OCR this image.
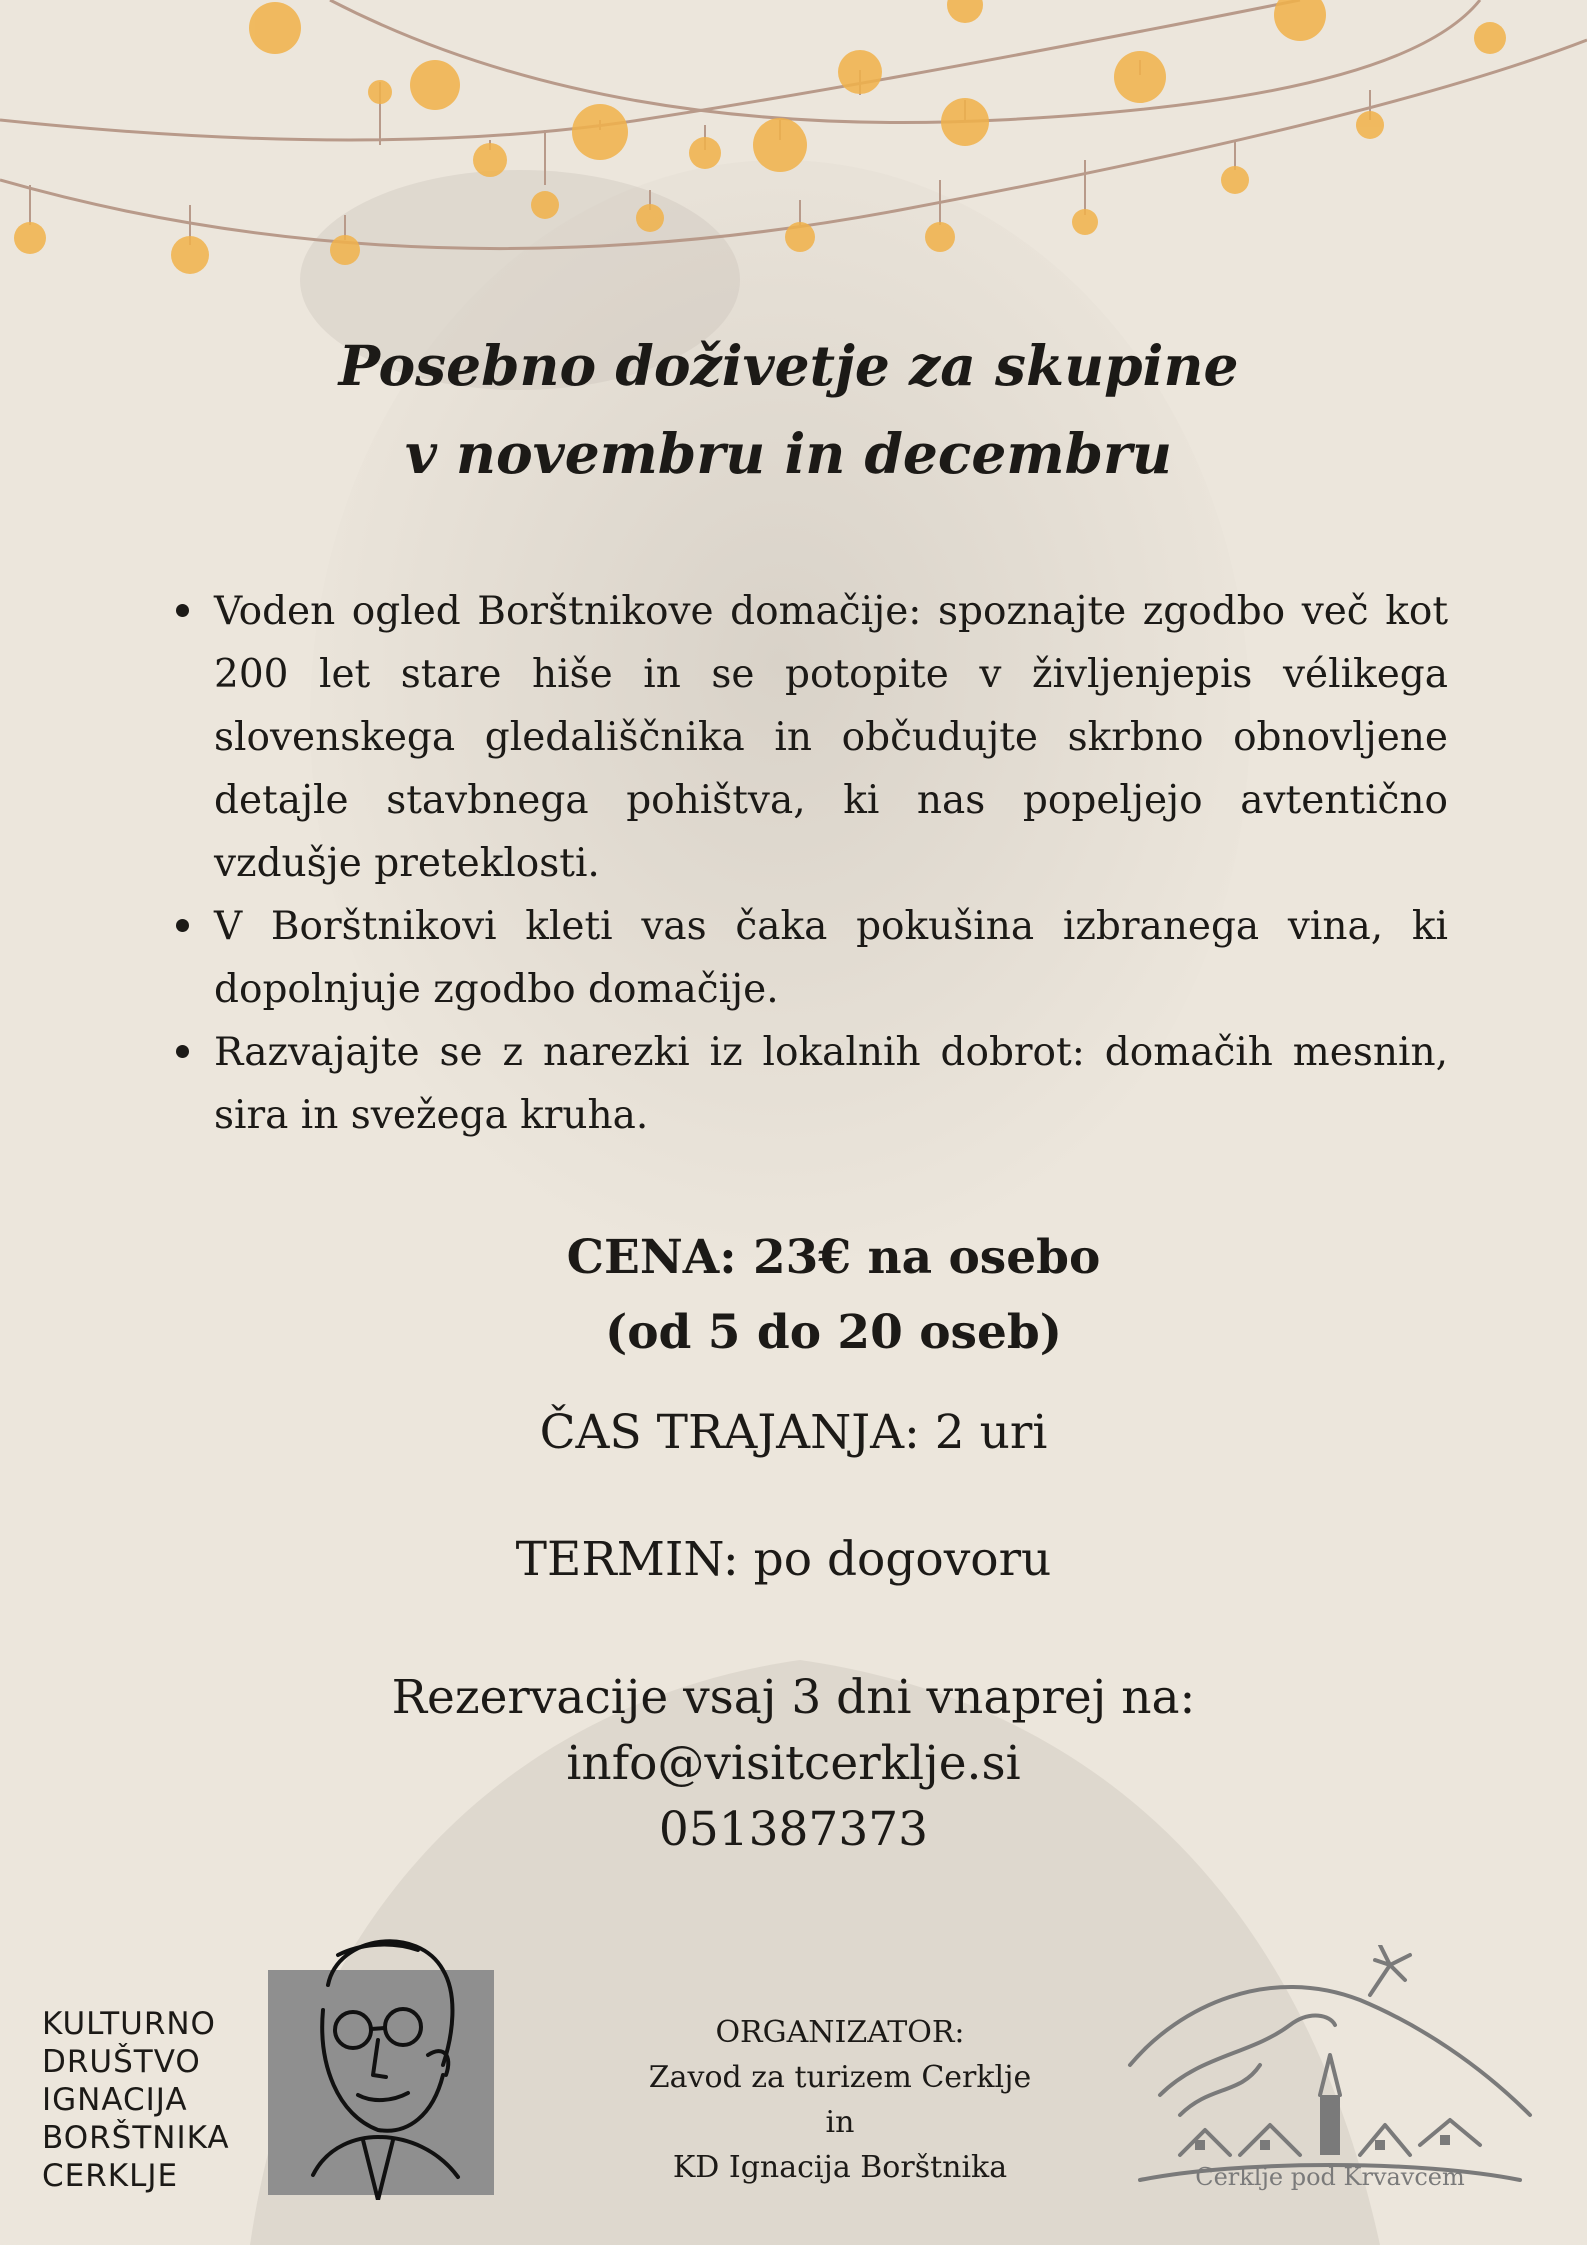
Posebno doživetje za skupine
v novembru in decembru
Voden ogled Borštnikove domačije: spoznajte zgodbo več kot 200 let stare hiše in se potopite v življenjepis vélikega slovenskega gledališčnika in občudujte skrbno obnovljene detajle stavbnega pohištva, ki nas popeljejo avtentično vzdušje preteklosti.
V Borštnikovi kleti vas čaka pokušina izbranega vina, ki dopolnjuje zgodbo domačije.
Razvajajte se z narezki iz lokalnih dobrot: domačih mesnin, sira in svežega kruha.
CENA: 23€ na osebo
(od 5 do 20 oseb)
ČAS TRAJANJA: 2 uri
TERMIN: po dogovoru
Rezervacije vsaj 3 dni vnaprej na:
info@visitcerklje.si
051387373
KULTURNO
DRUŠTVO
IGNACIJA
BORŠTNIKA
CERKLJE
ORGANIZATOR:
Zavod za turizem Cerklje
in
KD Ignacija Borštnika	Cerklje pod Krvavcem
